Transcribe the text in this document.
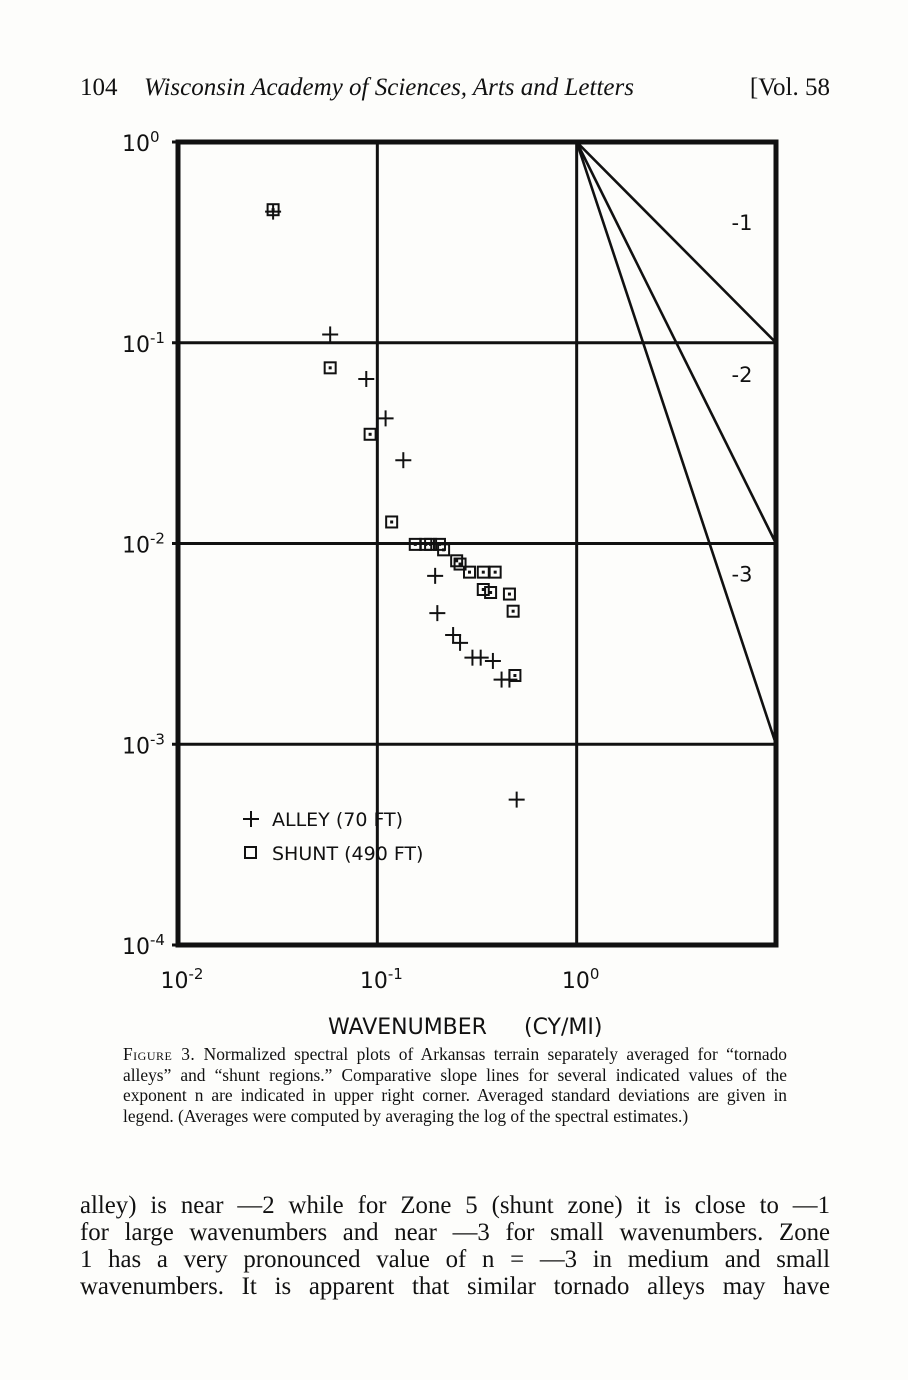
104 Wisconsin Academy of Sciences, Arts and Letters	[Vol. 58
-1
-2
-3
$10^0$
$10^{-1}$
$10^{-2}$
$10^{-3}$
$10^{-4}$
$10^{-2}$	$10^{-1}$	$10^0$
ALLEY (70 FT)
SHUNT (490 FT)
WAVENUMBER (CY/MI)
Figure 3. Normalized spectral plots of Arkansas terrain separately averaged for “tornado alleys” and “shunt regions.” Comparative slope lines for several indicated values of the exponent n are indicated in upper right corner. Averaged standard deviations are given in legend. (Averages were computed by averaging the log of the spectral estimates.)
alley) is near —2 while for Zone 5 (shunt zone) it is close to —1
for large wavenumbers and near —3 for small wavenumbers. Zone
1 has a very pronounced value of n = —3 in medium and small
wavenumbers. It is apparent that similar tornado alleys may have
